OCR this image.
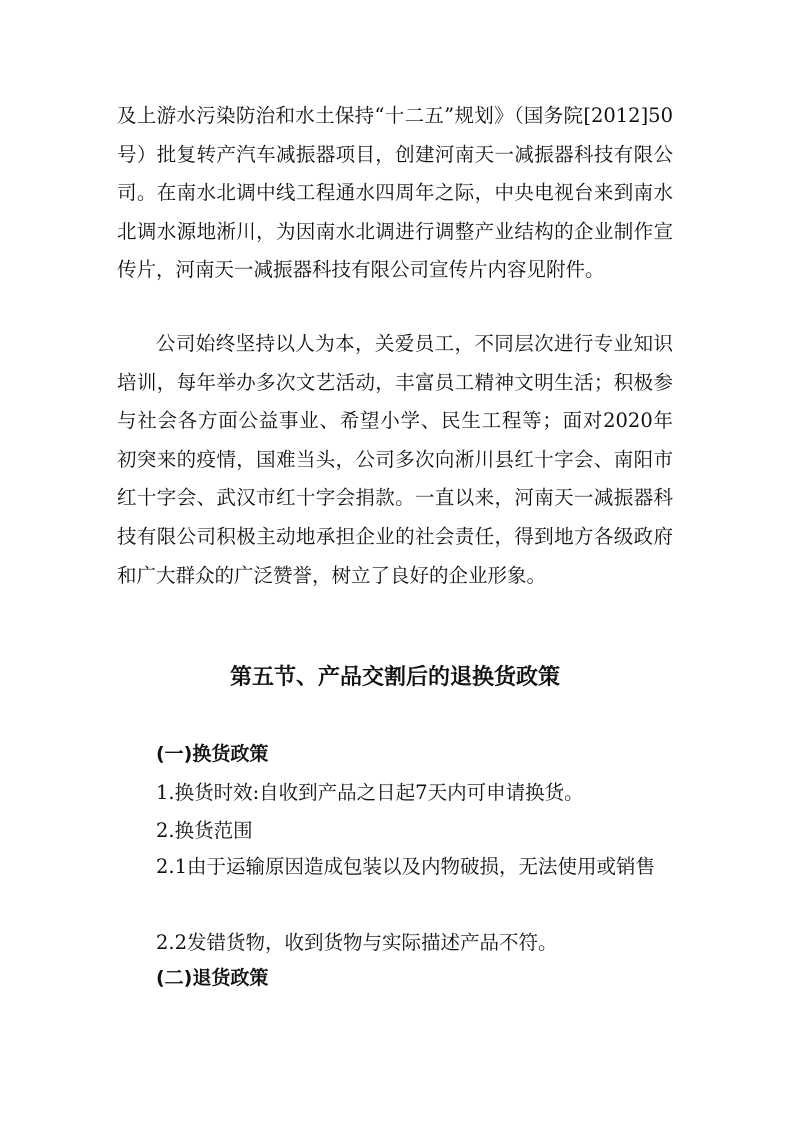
及上游水污染防治和水土保持“十二五”规划》（国务院[2012]50号）批复转产汽车减振器项目，创建河南天一减振器科技有限公司。在南水北调中线工程通水四周年之际，中央电视台来到南水北调水源地淅川，为因南水北调进行调整产业结构的企业制作宣传片，河南天一减振器科技有限公司宣传片内容见附件。

公司始终坚持以人为本，关爱员工，不同层次进行专业知识培训，每年举办多次文艺活动，丰富员工精神文明生活；积极参与社会各方面公益事业、希望小学、民生工程等；面对2020年初突来的疫情，国难当头，公司多次向淅川县红十字会、南阳市红十字会、武汉市红十字会捐款。一直以来，河南天一减振器科技有限公司积极主动地承担企业的社会责任，得到地方各级政府和广大群众的广泛赞誉，树立了良好的企业形象。

第五节、产品交割后的退换货政策
(一)换货政策

1.换货时效:自收到产品之日起7天内可申请换货。

2.换货范围

2.1由于运输原因造成包装以及内物破损，无法使用或销售

2.2发错货物，收到货物与实际描述产品不符。

(二)退货政策
